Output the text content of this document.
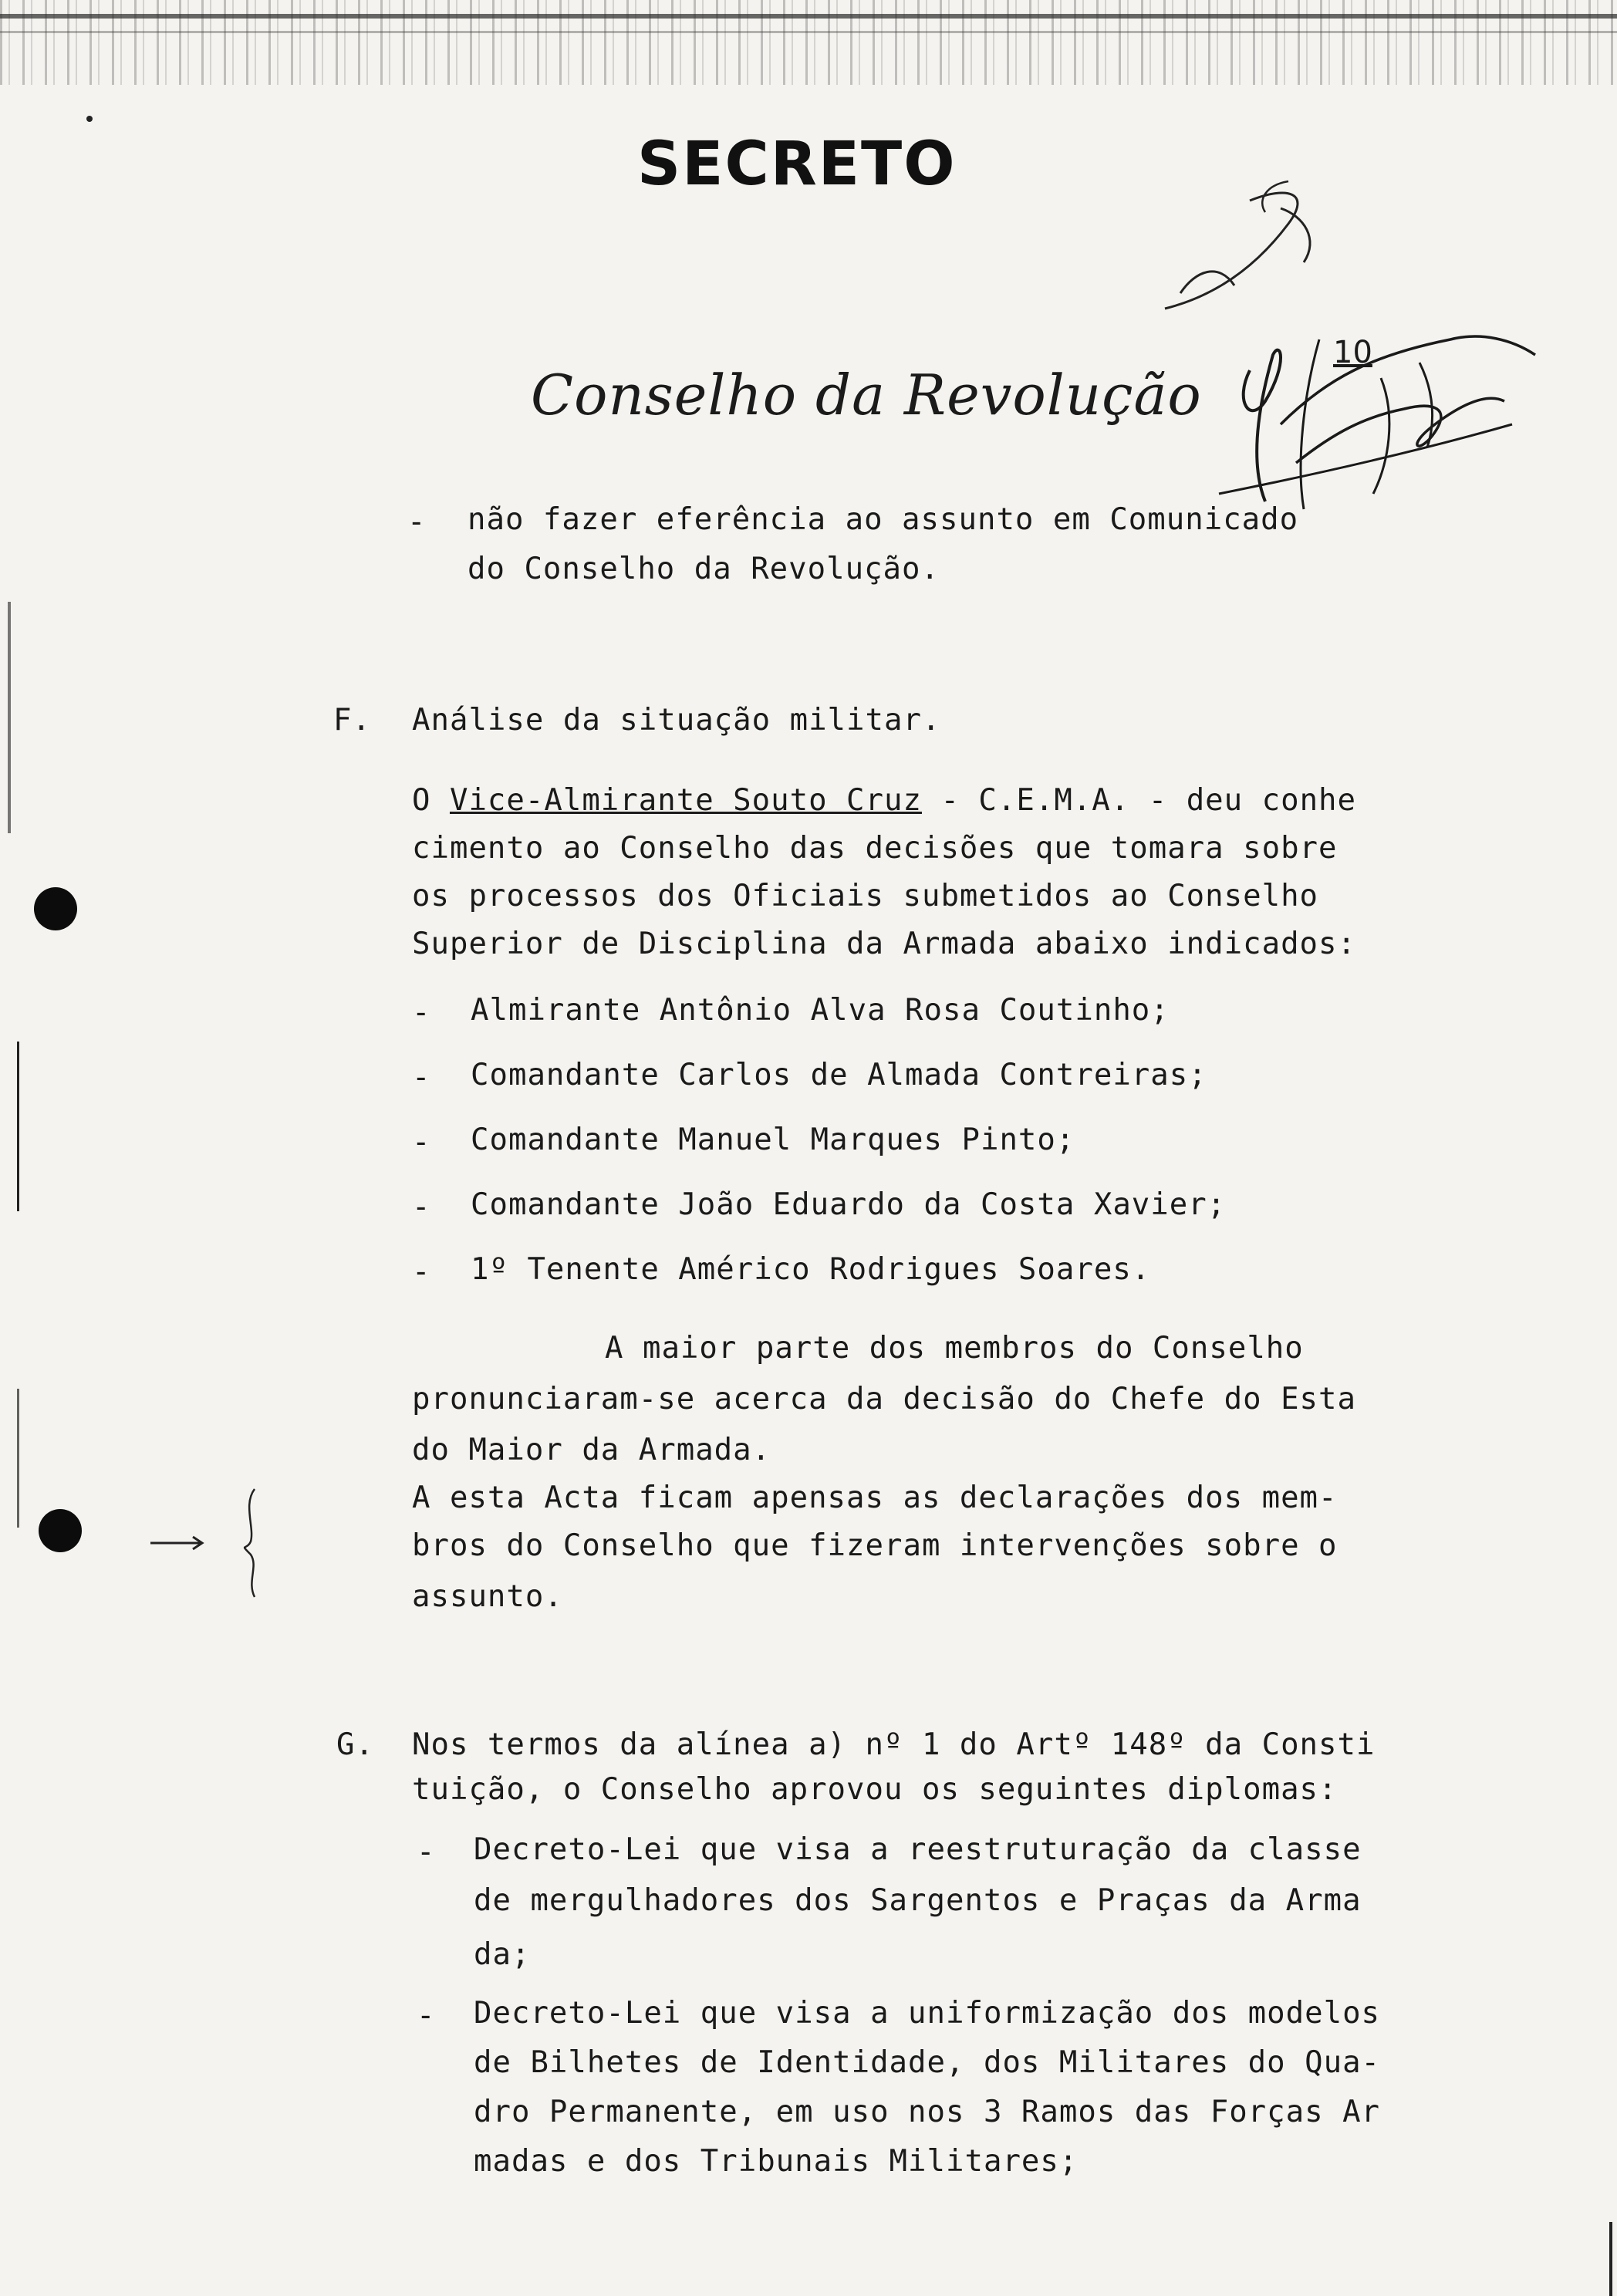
SECRETO
Conselho da Revolução
10
- não fazer eferência ao assunto em Comunicado
do Conselho da Revolução.
F. Análise da situação militar.
O Vice-Almirante Souto Cruz - C.E.M.A. - deu conhe
cimento ao Conselho das decisões que tomara sobre
os processos dos Oficiais submetidos ao Conselho
Superior de Disciplina da Armada abaixo indicados:
- Almirante Antônio Alva Rosa Coutinho;
- Comandante Carlos de Almada Contreiras;
- Comandante Manuel Marques Pinto;
- Comandante João Eduardo da Costa Xavier;
- 1º Tenente Américo Rodrigues Soares.
A maior parte dos membros do Conselho
pronunciaram-se acerca da decisão do Chefe do Esta
do Maior da Armada.
A esta Acta ficam apensas as declarações dos mem-
bros do Conselho que fizeram intervenções sobre o
assunto.
G. Nos termos da alínea a) nº 1 do Artº 148º da Consti
tuição, o Conselho aprovou os seguintes diplomas:
- Decreto-Lei que visa a reestruturação da classe
de mergulhadores dos Sargentos e Praças da Arma
da;
- Decreto-Lei que visa a uniformização dos modelos
de Bilhetes de Identidade, dos Militares do Qua-
dro Permanente, em uso nos 3 Ramos das Forças Ar
madas e dos Tribunais Militares;
